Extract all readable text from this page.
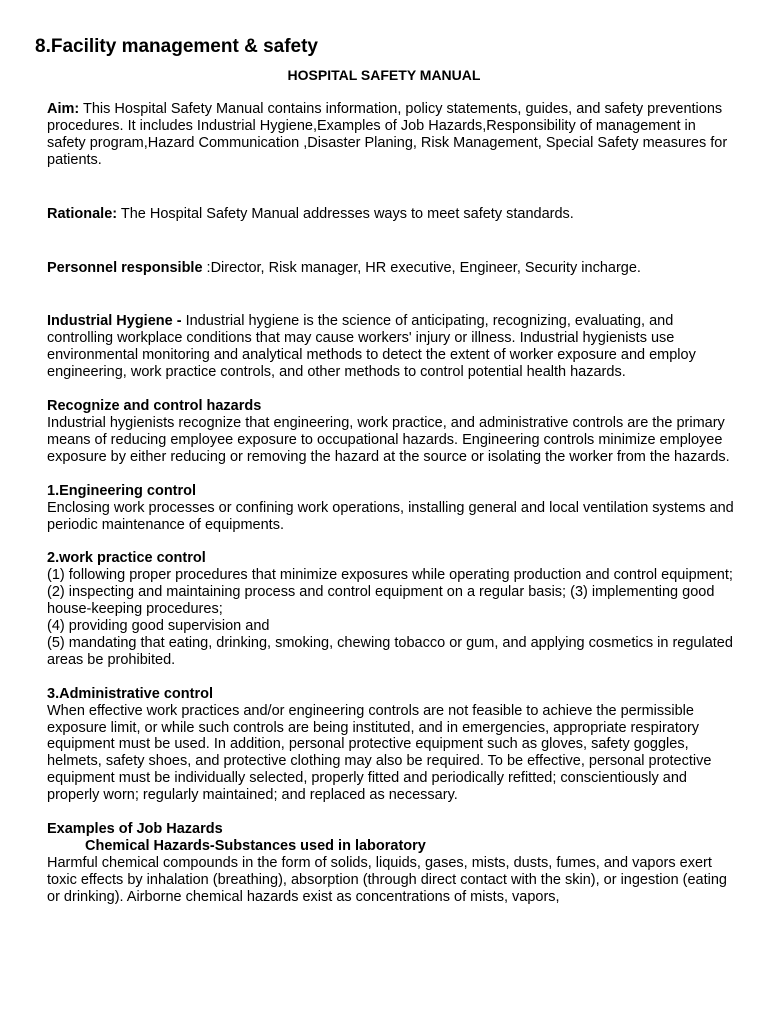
8.Facility management & safety
HOSPITAL SAFETY MANUAL

Aim: This Hospital Safety Manual contains information, policy statements, guides, and safety preventions procedures. It includes Industrial Hygiene,Examples of Job Hazards,Responsibility of management in safety program,Hazard Communication ,Disaster Planing, Risk Management, Special Safety measures for patients.

Rationale: The Hospital Safety Manual addresses ways to meet safety standards.

Personnel responsible :Director, Risk manager, HR executive, Engineer, Security incharge.

Industrial Hygiene - Industrial hygiene is the science of anticipating, recognizing, evaluating, and controlling workplace conditions that may cause workers' injury or illness. Industrial hygienists use environmental monitoring and analytical methods to detect the extent of worker exposure and employ engineering, work practice controls, and other methods to control potential health hazards.

Recognize and control hazards

Industrial hygienists recognize that engineering, work practice, and administrative controls are the primary means of reducing employee exposure to occupational hazards. Engineering controls minimize employee exposure by either reducing or removing the hazard at the source or isolating the worker from the hazards.

1.Engineering control

Enclosing work processes or confining work operations, installing general and local ventilation systems and periodic maintenance of equipments.

2.work practice control

(1) following proper procedures that minimize exposures while operating production and control equipment;

(2) inspecting and maintaining process and control equipment on a regular basis; (3) implementing good house-keeping procedures;

(4) providing good supervision and

(5) mandating that eating, drinking, smoking, chewing tobacco or gum, and applying cosmetics in regulated areas be prohibited.

3.Administrative control

When effective work practices and/or engineering controls are not feasible to achieve the permissible exposure limit, or while such controls are being instituted, and in emergencies, appropriate respiratory equipment must be used. In addition, personal protective equipment such as gloves, safety goggles, helmets, safety shoes, and protective clothing may also be required. To be effective, personal protective equipment must be individually selected, properly fitted and periodically refitted; conscientiously and properly worn; regularly maintained; and replaced as necessary.

Examples of Job Hazards

Chemical Hazards-Substances used in laboratory

Harmful chemical compounds in the form of solids, liquids, gases, mists, dusts, fumes, and vapors exert toxic effects by inhalation (breathing), absorption (through direct contact with the skin), or ingestion (eating or drinking). Airborne chemical hazards exist as concentrations of mists, vapors,
